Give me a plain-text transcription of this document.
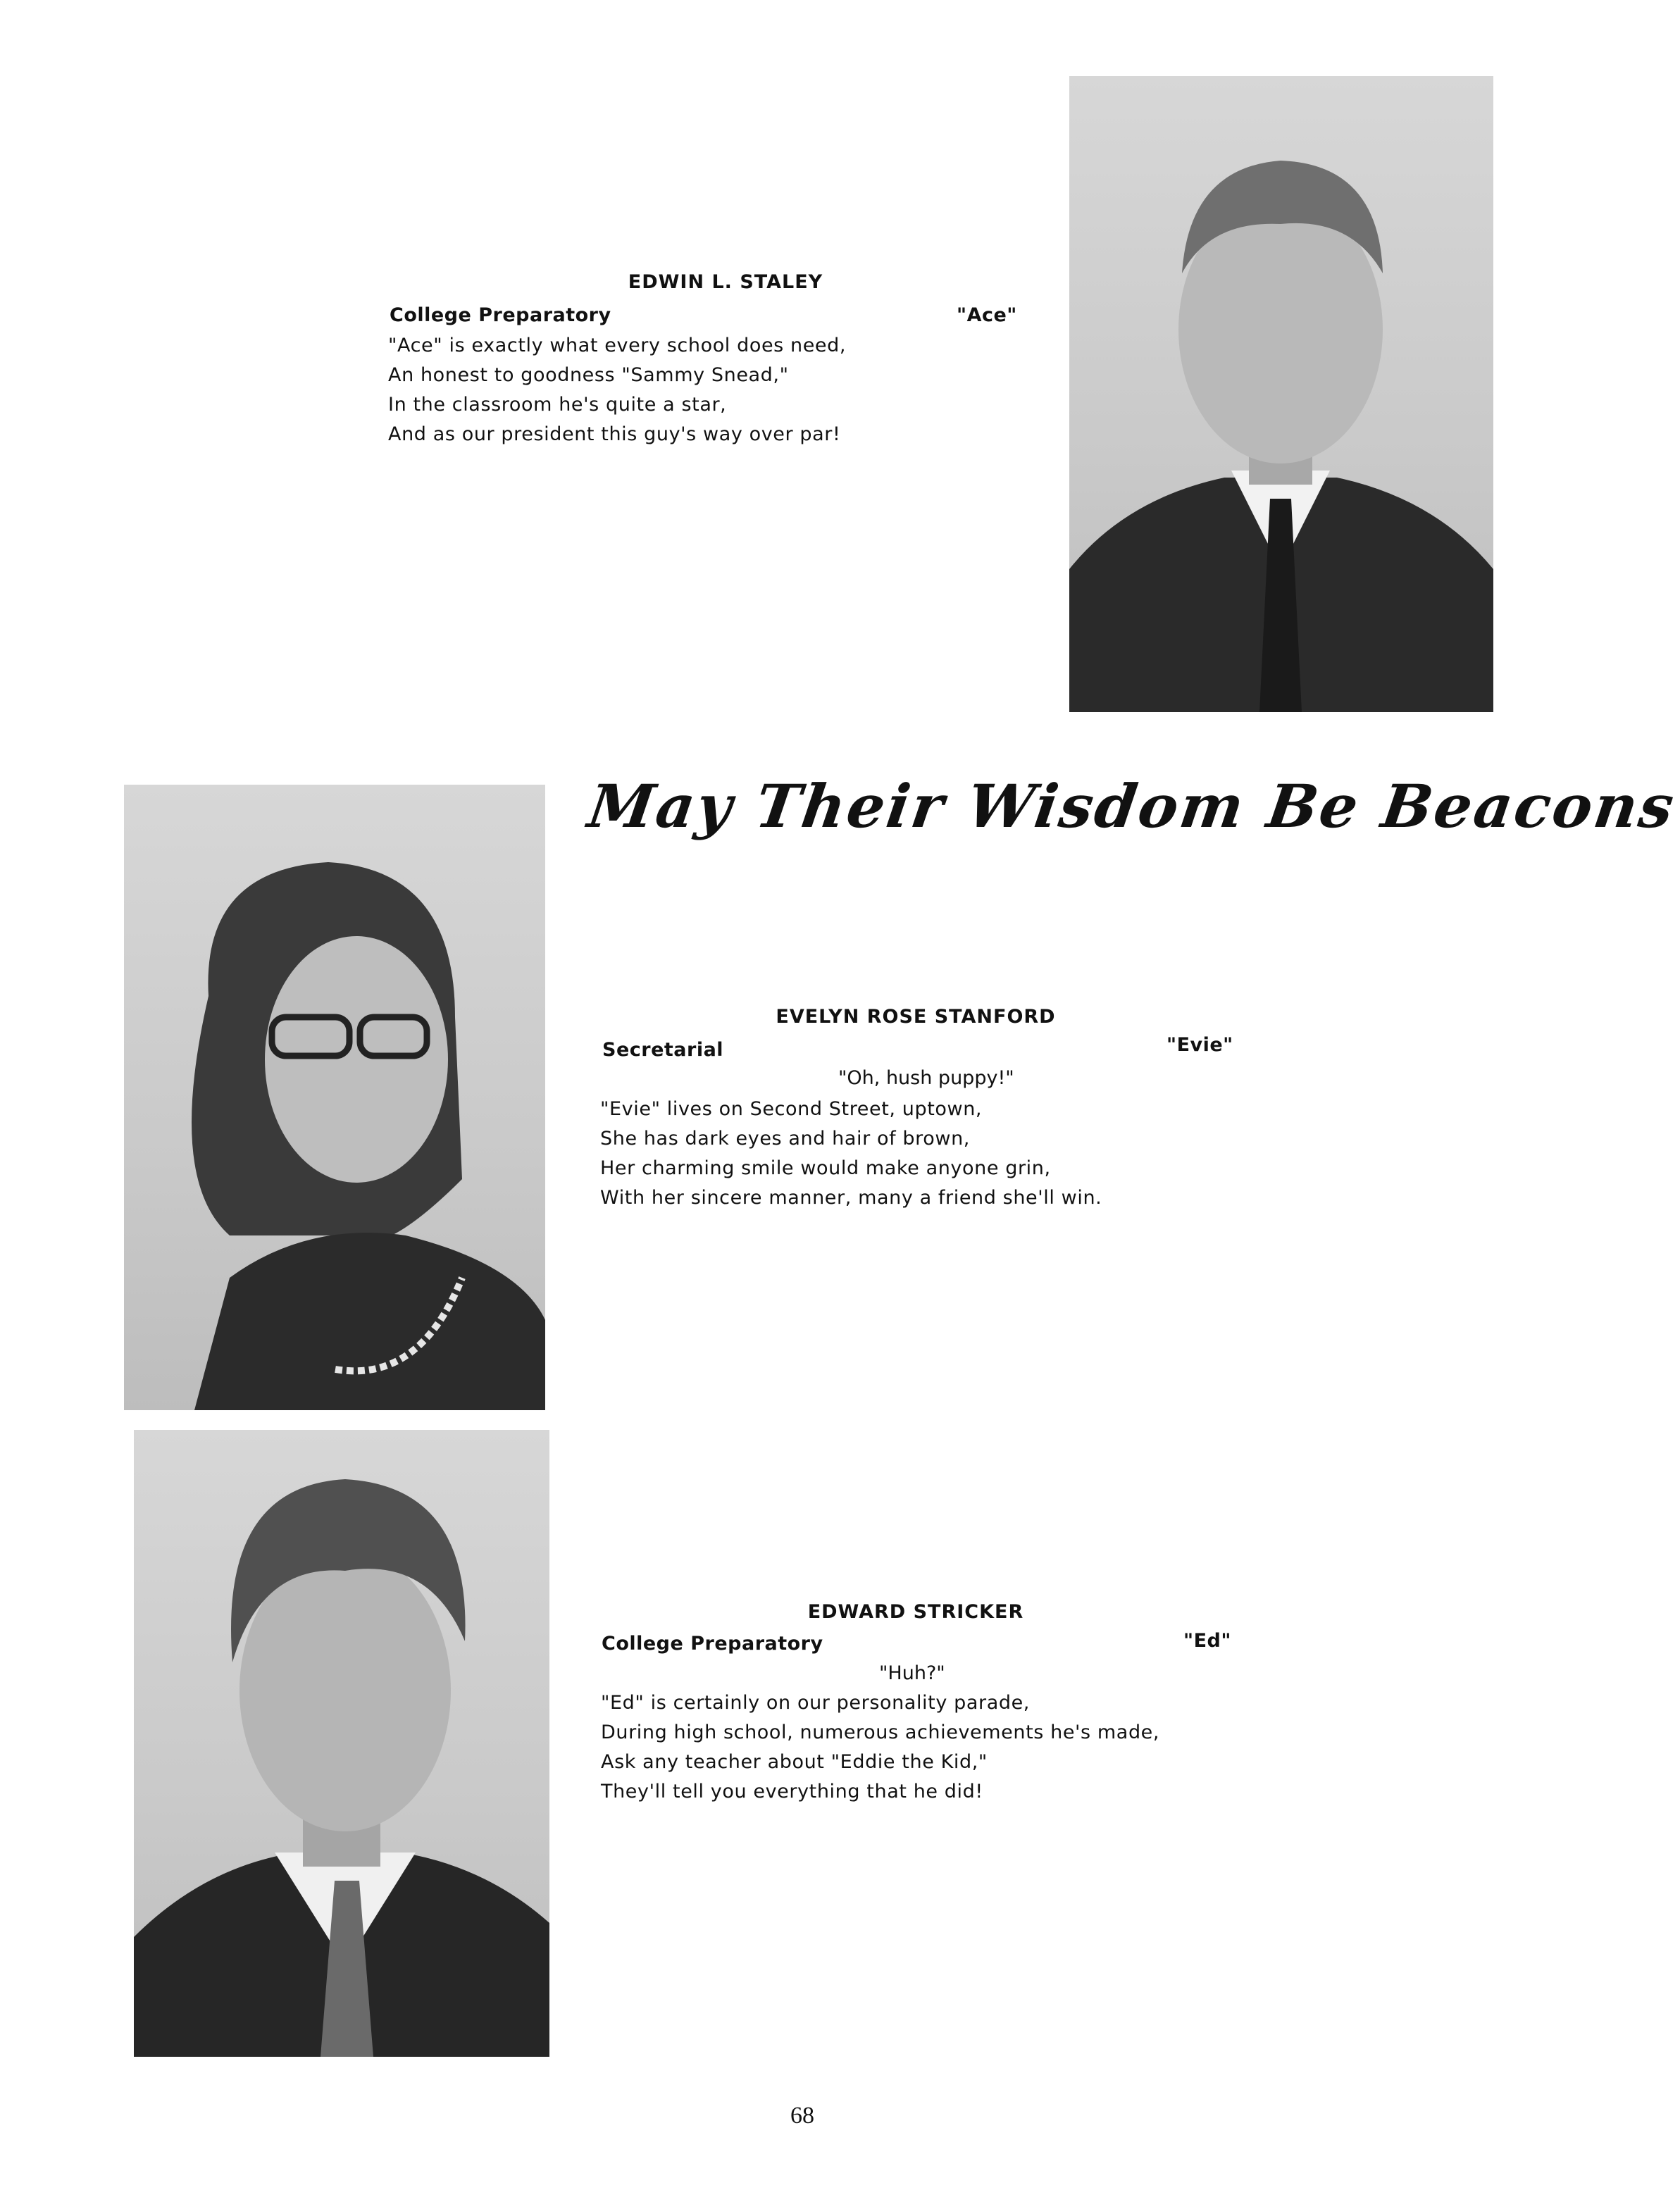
EDWIN L. STALEY
College Preparatory	"Ace"
"Ace" is exactly what every school does need,
An honest to goodness "Sammy Snead,"
In the classroom he's quite a star,
And as our president this guy's way over par!
May Their Wisdom Be Beacons
EVELYN ROSE STANFORD
Secretarial	"Evie"
"Oh, hush puppy!"
"Evie" lives on Second Street, uptown,
She has dark eyes and hair of brown,
Her charming smile would make anyone grin,
With her sincere manner, many a friend she'll win.
EDWARD STRICKER
College Preparatory	"Ed"
"Huh?"
"Ed" is certainly on our personality parade,
During high school, numerous achievements he's made,
Ask any teacher about "Eddie the Kid,"
They'll tell you everything that he did!
68
